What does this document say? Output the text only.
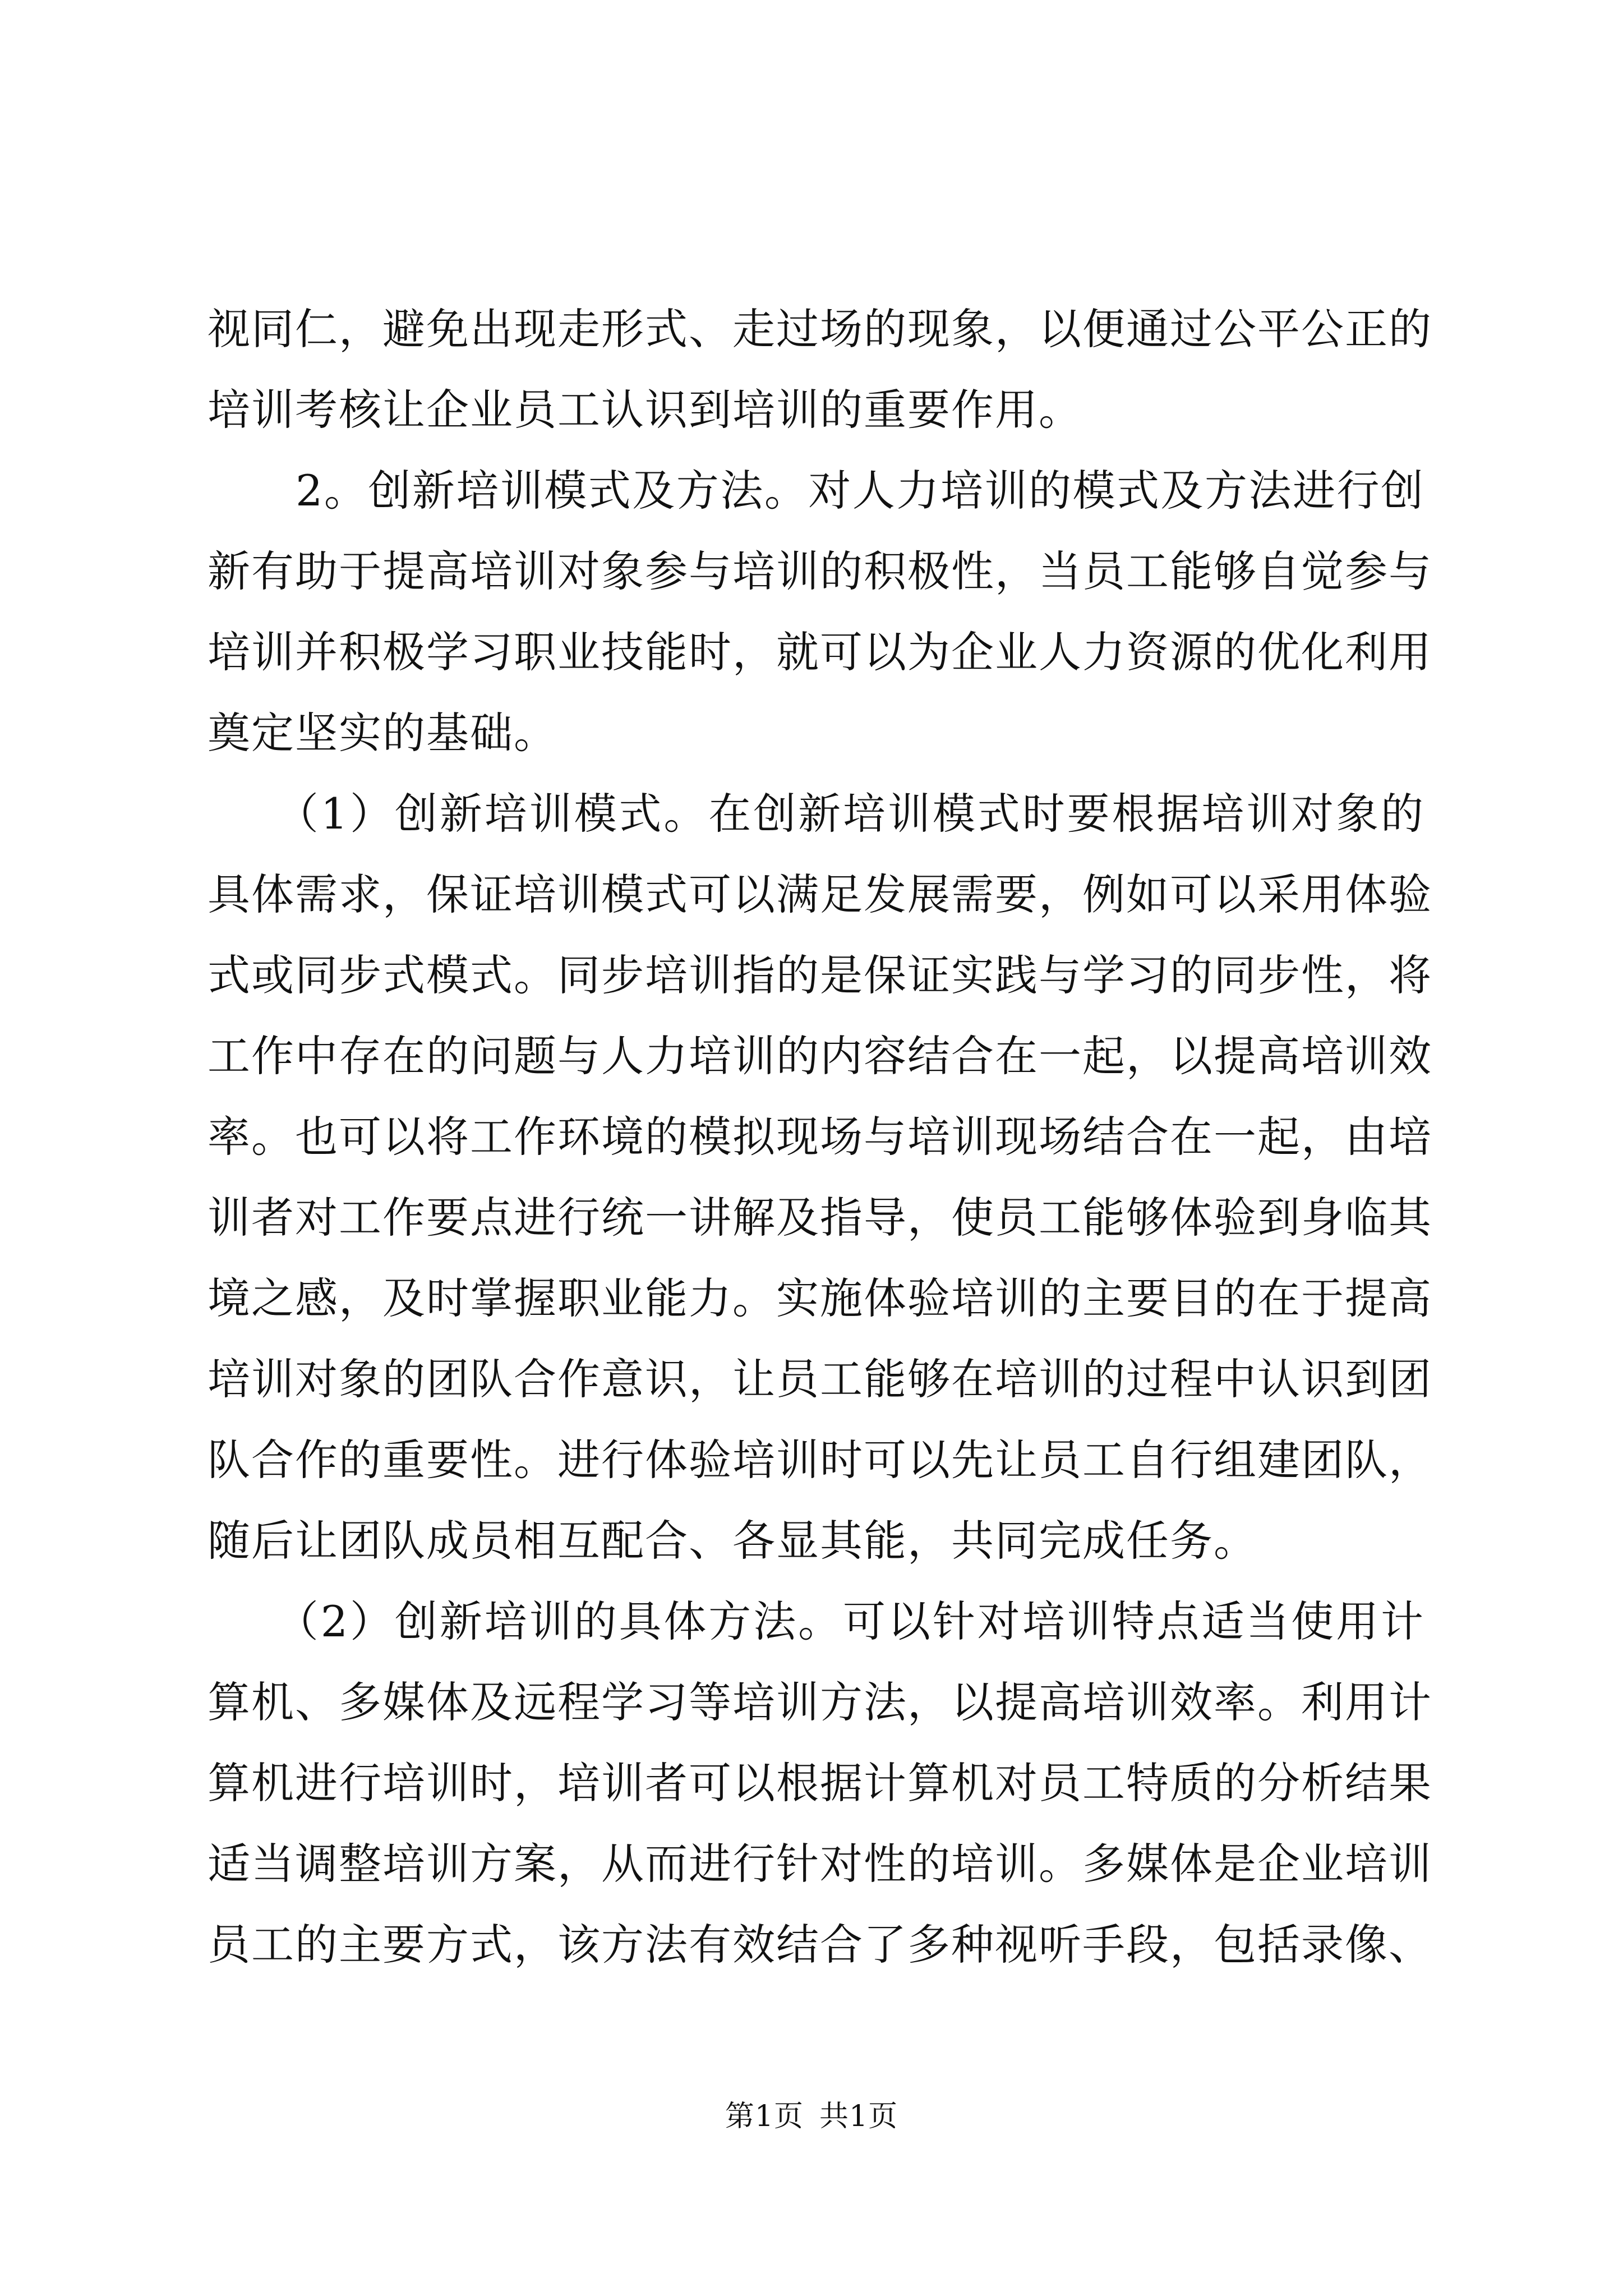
视同仁，避免出现走形式、走过场的现象，以便通过公平公正的
培训考核让企业员工认识到培训的重要作用。
　　2。创新培训模式及方法。对人力培训的模式及方法进行创
新有助于提高培训对象参与培训的积极性，当员工能够自觉参与
培训并积极学习职业技能时，就可以为企业人力资源的优化利用
奠定坚实的基础。
　　（1）创新培训模式。在创新培训模式时要根据培训对象的
具体需求，保证培训模式可以满足发展需要，例如可以采用体验
式或同步式模式。同步培训指的是保证实践与学习的同步性，将
工作中存在的问题与人力培训的内容结合在一起，以提高培训效
率。也可以将工作环境的模拟现场与培训现场结合在一起，由培
训者对工作要点进行统一讲解及指导，使员工能够体验到身临其
境之感，及时掌握职业能力。实施体验培训的主要目的在于提高
培训对象的团队合作意识，让员工能够在培训的过程中认识到团
队合作的重要性。进行体验培训时可以先让员工自行组建团队，
随后让团队成员相互配合、各显其能，共同完成任务。
　　（2）创新培训的具体方法。可以针对培训特点适当使用计
算机、多媒体及远程学习等培训方法，以提高培训效率。利用计
算机进行培训时，培训者可以根据计算机对员工特质的分析结果
适当调整培训方案，从而进行针对性的培训。多媒体是企业培训
员工的主要方式，该方法有效结合了多种视听手段，包括录像、
第1页 共1页
